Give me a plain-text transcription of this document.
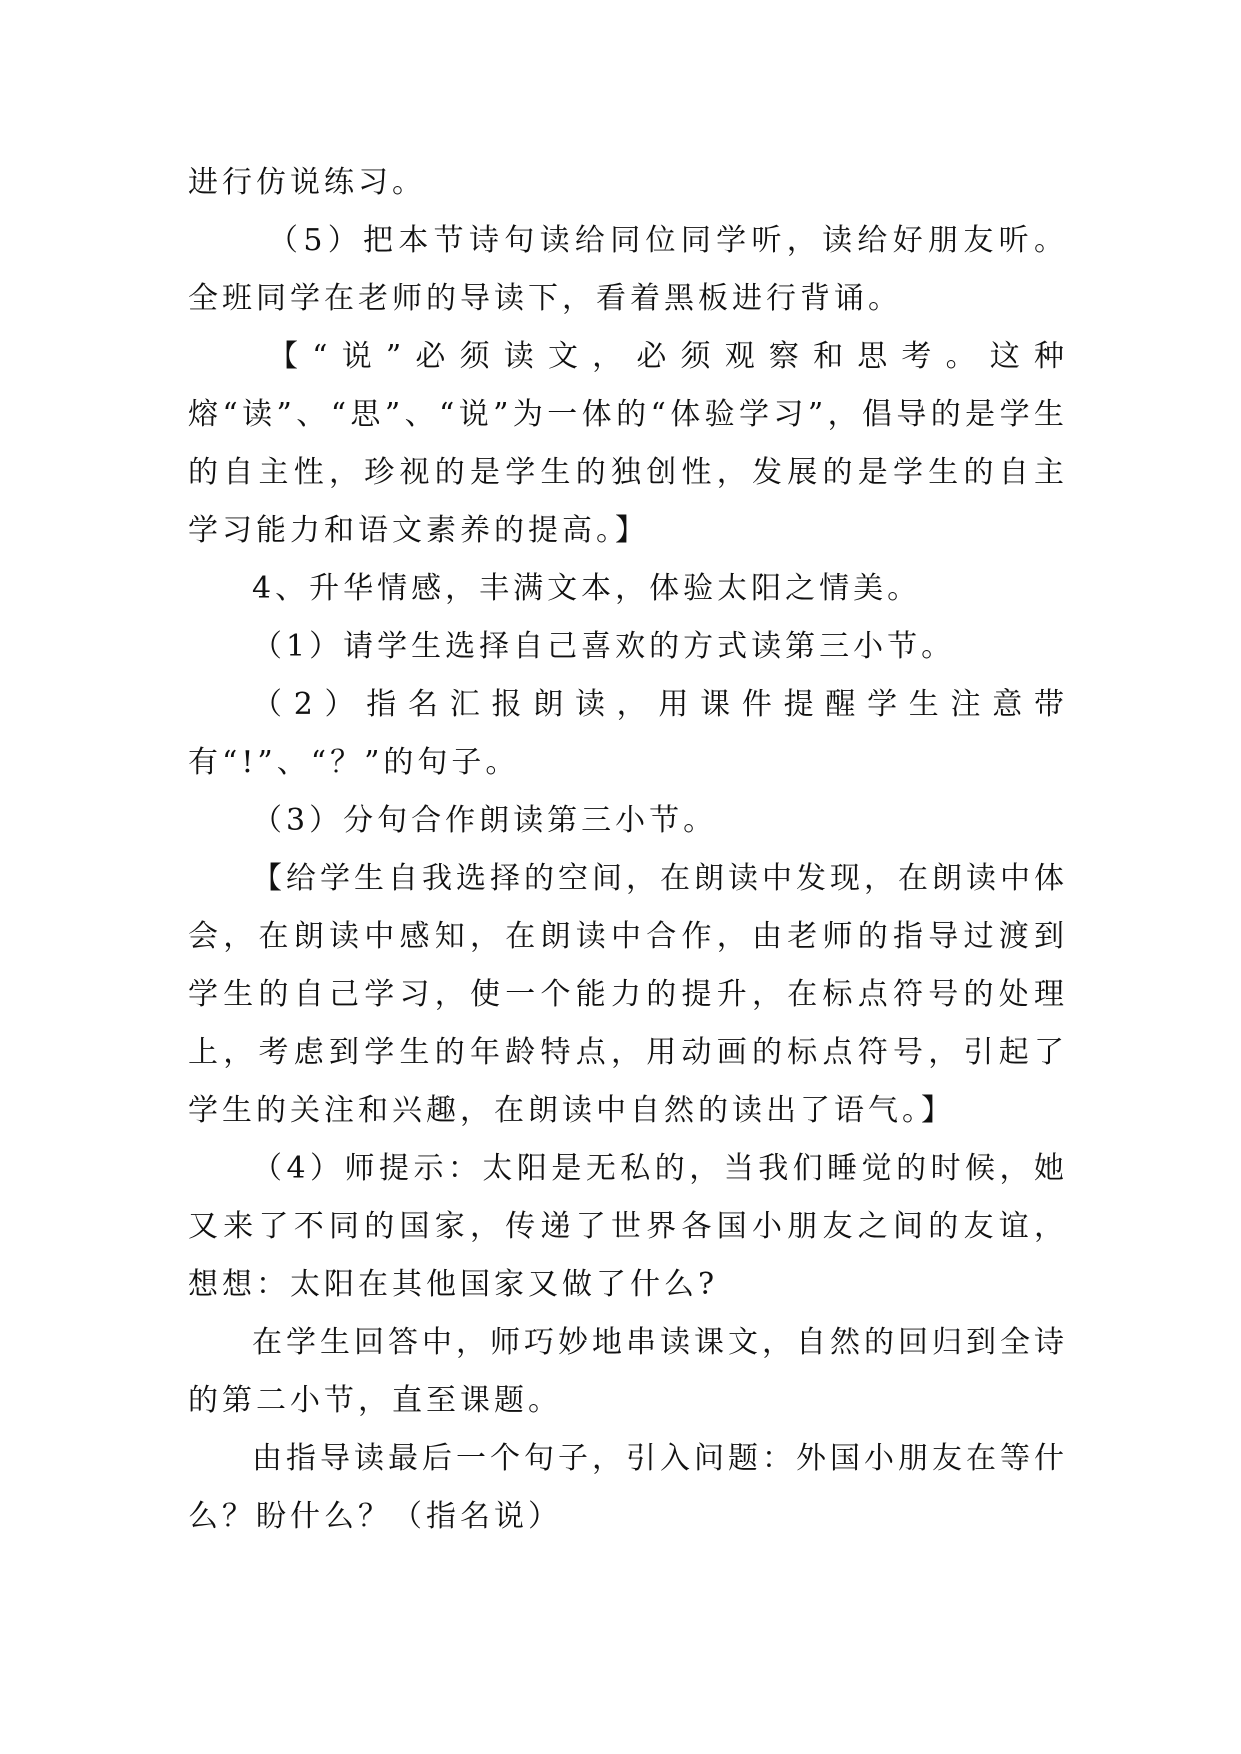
进行仿说练习。

（5）把本节诗句读给同位同学听，读给好朋友听。全班同学在老师的导读下，看着黑板进行背诵。

【“说”必须读文，必须观察和思考。这种熔“读”、“思”、“说”为一体的“体验学习”，倡导的是学生的自主性，珍视的是学生的独创性，发展的是学生的自主学习能力和语文素养的提高。】

4、升华情感，丰满文本，体验太阳之情美。

（1）请学生选择自己喜欢的方式读第三小节。

（2）指名汇报朗读，用课件提醒学生注意带有“!”、“？”的句子。

（3）分句合作朗读第三小节。

【给学生自我选择的空间，在朗读中发现，在朗读中体会，在朗读中感知，在朗读中合作，由老师的指导过渡到学生的自己学习，使一个能力的提升，在标点符号的处理上，考虑到学生的年龄特点，用动画的标点符号，引起了学生的关注和兴趣，在朗读中自然的读出了语气。】

（4）师提示：太阳是无私的，当我们睡觉的时候，她又来了不同的国家，传递了世界各国小朋友之间的友谊，想想：太阳在其他国家又做了什么?

在学生回答中，师巧妙地串读课文，自然的回归到全诗的第二小节，直至课题。

由指导读最后一个句子，引入问题：外国小朋友在等什么？盼什么？（指名说）
